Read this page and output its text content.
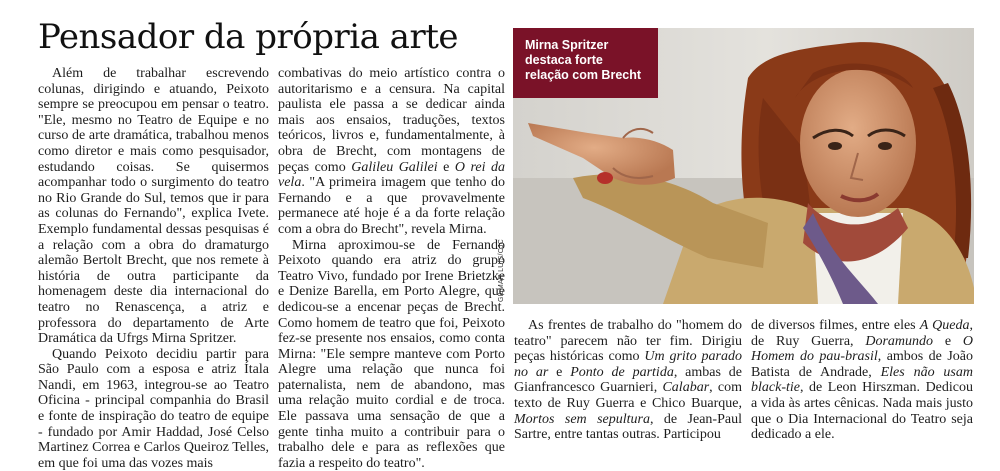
Pensador da própria arte

Além de trabalhar escrevendo colunas, dirigindo e atuando, Peixoto sempre se preocupou em pensar o teatro. "Ele, mesmo no Teatro de Equipe e no curso de arte dramática, trabalhou menos como diretor e mais como pesquisador, estudando coisas. Se quisermos acompanhar todo o surgimento do teatro no Rio Grande do Sul, temos que ir para as colunas do Fernando", explica Ivete. Exemplo fundamental dessas pesquisas é a relação com a obra do dramaturgo alemão Bertolt Brecht, que nos remete à história de outra participante da homenagem deste dia internacional do teatro no Renascença, a atriz e professora do departamento de Arte Dramática da Ufrgs Mirna Spritzer.

Quando Peixoto decidiu partir para São Paulo com a esposa e atriz Ítala Nandi, em 1963, integrou-se ao Teatro Oficina - principal companhia do Brasil e fonte de inspiração do teatro de equipe - fundado por Amir Haddad, José Celso Martinez Correa e Carlos Queiroz Telles, em que foi uma das vozes mais

combativas do meio artístico contra o autoritarismo e a censura. Na capital paulista ele passa a se dedicar ainda mais aos ensaios, traduções, textos teóricos, livros e, fundamentalmente, à obra de Brecht, com montagens de peças como Galileu Galilei e O rei da vela. "A primeira imagem que tenho do Fernando e a que provavelmente permanece até hoje é a da forte relação com a obra do Brecht", revela Mirna.

Mirna aproximou-se de Fernando Peixoto quando era atriz do grupo Teatro Vivo, fundado por Irene Brietzke e Denize Barella, em Porto Alegre, que dedicou-se a encenar peças de Brecht. Como homem de teatro que foi, Peixoto fez-se presente nos ensaios, como conta Mirna: "Ele sempre manteve com Porto Alegre uma relação que nunca foi paternalista, nem de abandono, mas uma relação muito cordial e de troca. Ele passava uma sensação de que a gente tinha muito a contribuir para o trabalho dele e para as reflexões que fazia a respeito do teatro".

Mirna Spritzer destaca forte relação com Brecht
GILMAR LUÍS/CJC

As frentes de trabalho do "homem do teatro" parecem não ter fim. Dirigiu peças históricas como Um grito parado no ar e Ponto de partida, ambas de Gianfrancesco Guarnieri, Calabar, com texto de Ruy Guerra e Chico Buarque, Mortos sem sepultura, de Jean-Paul Sartre, entre tantas outras. Participou

de diversos filmes, entre eles A Queda, de Ruy Guerra, Doramundo e O Homem do pau-brasil, ambos de João Batista de Andrade, Eles não usam black-tie, de Leon Hirszman. Dedicou a vida às artes cênicas. Nada mais justo que o Dia Internacional do Teatro seja dedicado a ele.
